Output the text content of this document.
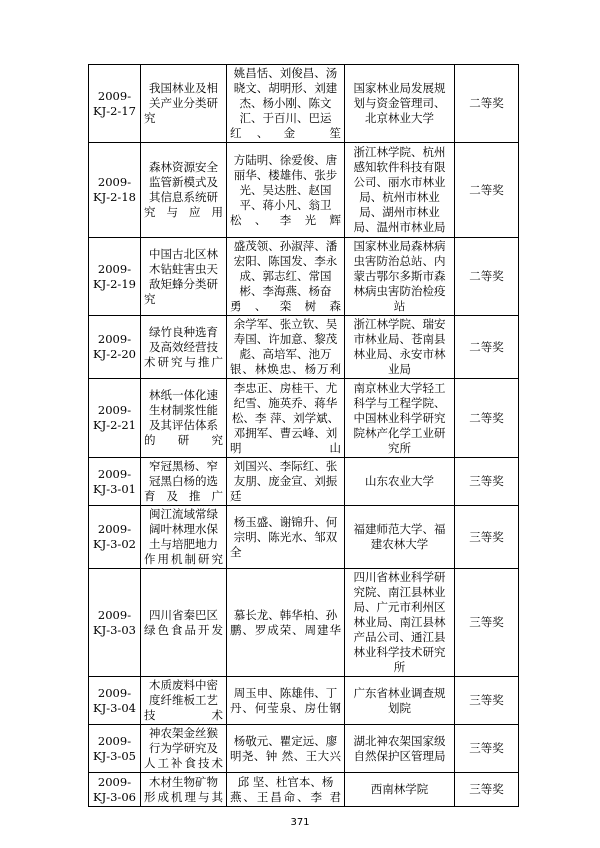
2009-KJ-2-17	我国林业及相关产业分类研究	姚昌恬、刘俊昌、汤晓文、胡明形、刘建杰、杨小刚、陈文汇、于百川、巴运红、金 笙	国家林业局发展规划与资金管理司、北京林业大学	二等奖
2009-KJ-2-18	森林资源安全监管新模式及其信息系统研究与应用	方陆明、徐爱俊、唐丽华、楼雄伟、张步光、吴达胜、赵国平、蒋小凡、翁卫松、李光辉	浙江林学院、杭州感知软件科技有限公司、丽水市林业局、杭州市林业局、湖州市林业局、温州市林业局	二等奖
2009-KJ-2-19	中国古北区林木钻蛀害虫天敌矩蜂分类研究	盛茂领、孙淑萍、潘宏阳、陈国发、李永成、郭志红、常国彬、李海燕、杨奋勇、栾树森	国家林业局森林病虫害防治总站、内蒙古鄂尔多斯市森林病虫害防治检疫站	二等奖
2009-KJ-2-20	绿竹良种选育及高效经营技术研究与推广	余学军、张立钦、吴寿国、许加意、黎茂彪、高培军、池万银、林焕忠、杨万利	浙江林学院、瑞安市林业局、苍南县林业局、永安市林业局	二等奖
2009-KJ-2-21	林纸一体化速生材制浆性能及其评估体系的研究	李忠正、房桂干、尤纪雪、施英乔、蒋华松、李 萍、刘学斌、邓拥军、曹云峰、刘明山	南京林业大学轻工科学与工程学院、中国林业科学研究院林产化学工业研究所	二等奖
2009-KJ-3-01	窄冠黑杨、窄冠黑白杨的选育及推广	刘国兴、李际红、张友朋、庞金宣、刘振廷	山东农业大学	三等奖
2009-KJ-3-02	闽江流域常绿阔叶林理水保土与培肥地力作用机制研究	杨玉盛、谢锦升、何宗明、陈光水、邹双全	福建师范大学、福建农林大学	三等奖
2009-KJ-3-03	四川省秦巴区绿色食品开发	慕长龙、韩华柏、孙鹏、罗成荣、周建华	四川省林业科学研究院、南江县林业局、广元市利州区林业局、南江县林产品公司、通江县林业科学技术研究所	三等奖
2009-KJ-3-04	木质废料中密度纤维板工艺技术	周玉申、陈雄伟、丁丹、何莹泉、房仕钢	广东省林业调查规划院	三等奖
2009-KJ-3-05	神农架金丝猴行为学研究及人工补食技术	杨敬元、瞿定远、廖明尧、钟 然、王大兴	湖北神农架国家级自然保护区管理局	三等奖
2009-KJ-3-06	木材生物矿物形成机理与其	邱 坚、杜官本、杨燕、王昌命、李 君	西南林学院	三等奖
371
